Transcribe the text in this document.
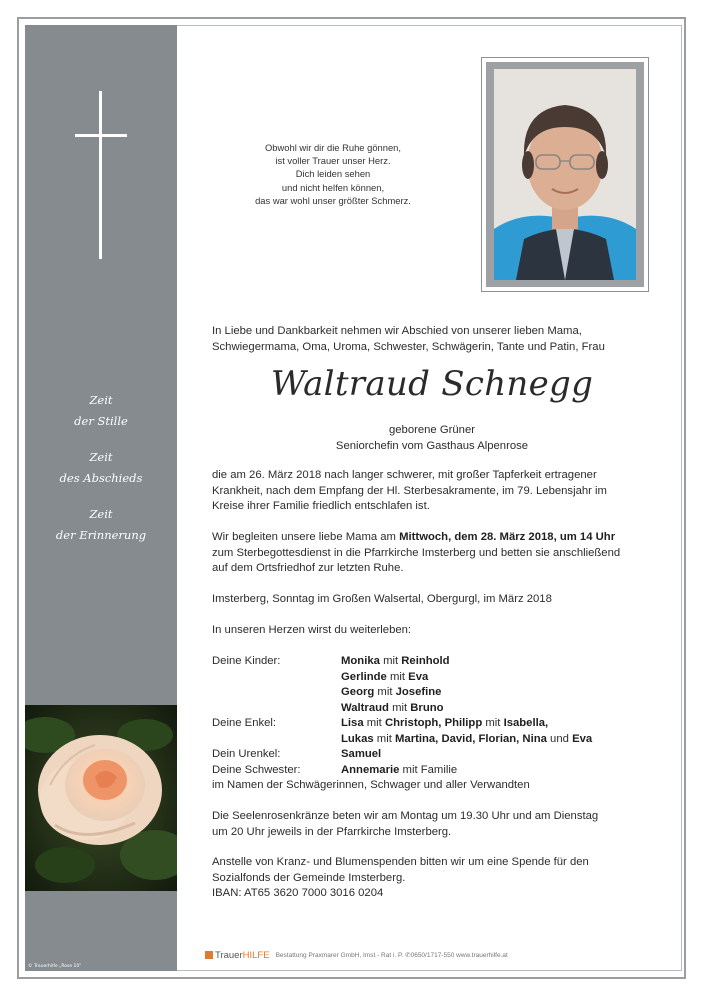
Zeit
der Stille
Zeit
des Abschieds
Zeit
der Erinnerung
© Trauerhilfe „Rose 10"
Obwohl wir dir die Ruhe gönnen,
ist voller Trauer unser Herz.
Dich leiden sehen
und nicht helfen können,
das war wohl unser größter Schmerz.
In Liebe und Dankbarkeit nehmen wir Abschied von unserer lieben Mama,
Schwiegermama, Oma, Uroma, Schwester, Schwägerin, Tante und Patin, Frau
Waltraud Schnegg
geborene Grüner
Seniorchefin vom Gasthaus Alpenrose
die am 26. März 2018 nach langer schwerer, mit großer Tapferkeit ertragener
Krankheit, nach dem Empfang der Hl. Sterbesakramente, im 79. Lebensjahr im
Kreise ihrer Familie friedlich entschlafen ist.
Wir begleiten unsere liebe Mama am Mittwoch, dem 28. März 2018, um 14 Uhr
zum Sterbegottesdienst in die Pfarrkirche Imsterberg und betten sie anschließend
auf dem Ortsfriedhof zur letzten Ruhe.
Imsterberg, Sonntag im Großen Walsertal, Obergurgl, im März 2018
In unseren Herzen wirst du weiterleben:
Deine Kinder:	Monika mit Reinhold
Gerlinde mit Eva
Georg mit Josefine
Waltraud mit Bruno
Deine Enkel:	Lisa mit Christoph, Philipp mit Isabella,
Lukas mit Martina, David, Florian, Nina und Eva
Dein Urenkel:	Samuel
Deine Schwester:	Annemarie mit Familie
im Namen der Schwägerinnen, Schwager und aller Verwandten
Die Seelenrosenkränze beten wir am Montag um 19.30 Uhr und am Dienstag
um 20 Uhr jeweils in der Pfarrkirche Imsterberg.
Anstelle von Kranz- und Blumenspenden bitten wir um eine Spende für den
Sozialfonds der Gemeinde Imsterberg.
IBAN: AT65 3620 7000 3016 0204
TrauerHILFE Bestattung Praxmarer GmbH, Imst - Rat i. P. ✆0650/1717-550 www.trauerhilfe.at
